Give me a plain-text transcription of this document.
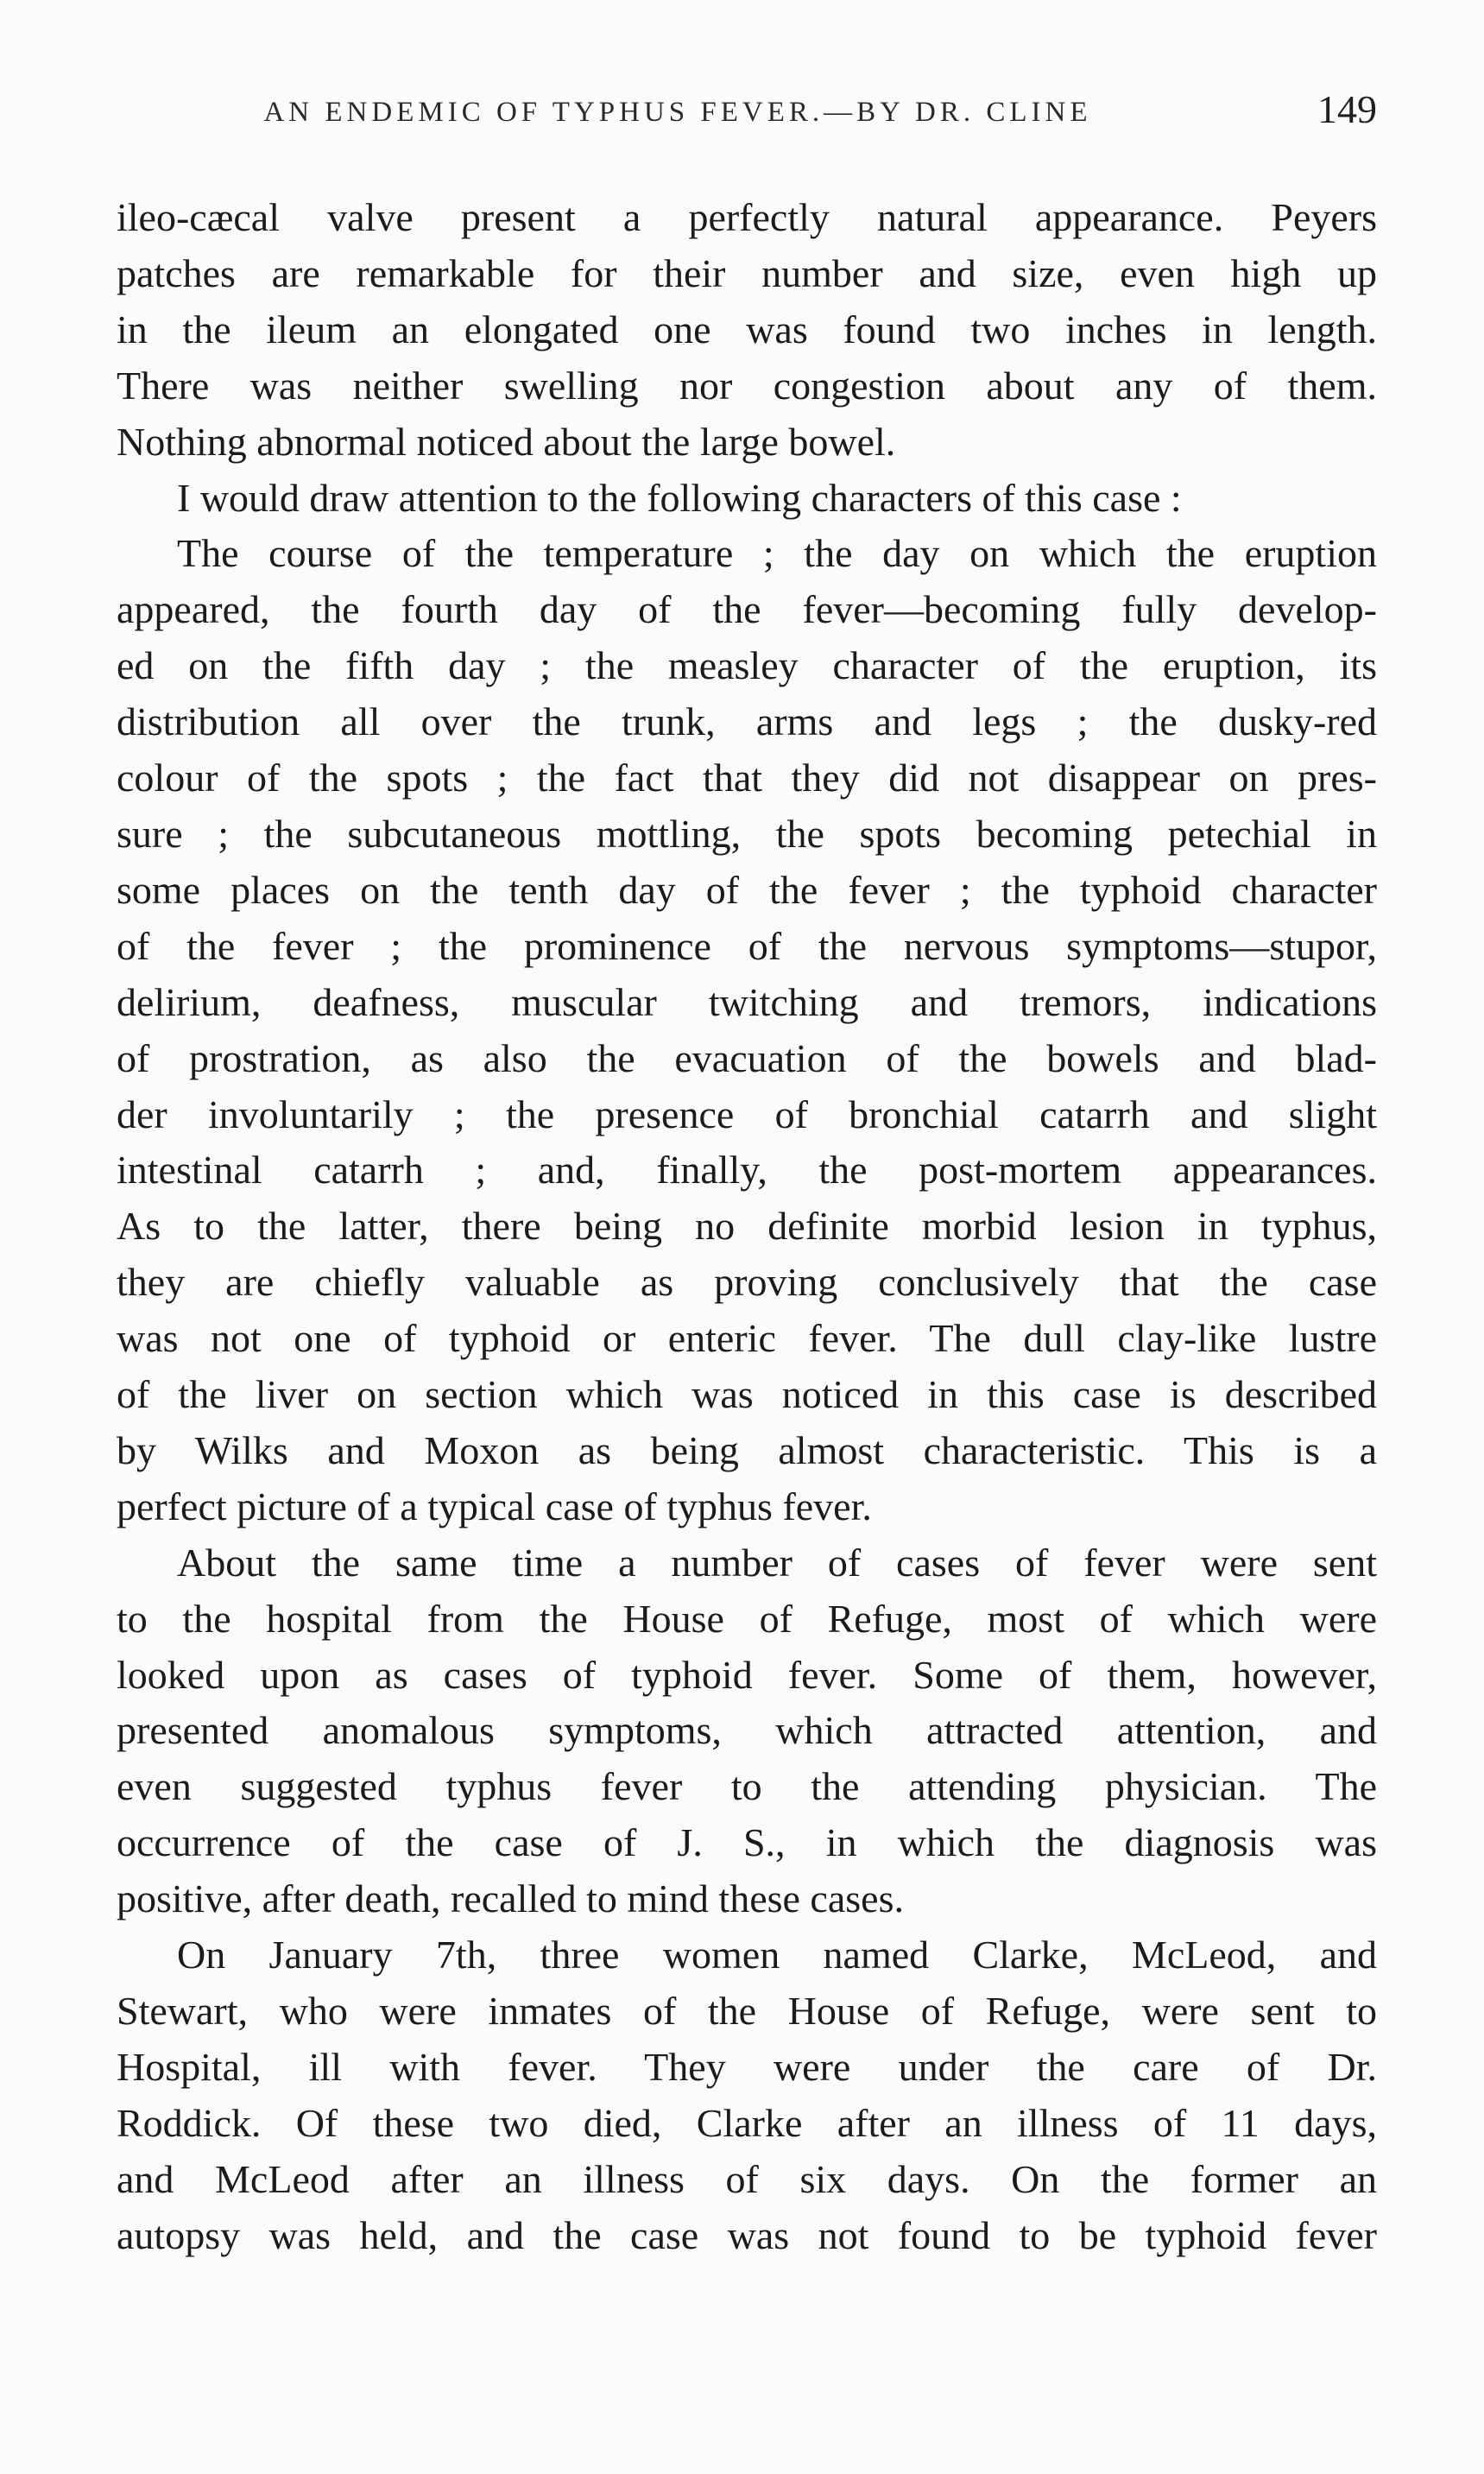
AN ENDEMIC OF TYPHUS FEVER.—BY DR. CLINE	149

ileo-cæcal valve present a perfectly natural appearance. Peyers
patches are remarkable for their number and size, even high up
in the ileum an elongated one was found two inches in length.
There was neither swelling nor congestion about any of them.
Nothing abnormal noticed about the large bowel.

I would draw attention to the following characters of this case :

The course of the temperature ; the day on which the eruption
appeared, the fourth day of the fever—becoming fully develop-
ed on the fifth day ; the measley character of the eruption, its
distribution all over the trunk, arms and legs ; the dusky-red
colour of the spots ; the fact that they did not disappear on pres-
sure ; the subcutaneous mottling, the spots becoming petechial in
some places on the tenth day of the fever ; the typhoid character
of the fever ; the prominence of the nervous symptoms—stupor,
delirium, deafness, muscular twitching and tremors, indications
of prostration, as also the evacuation of the bowels and blad-
der involuntarily ; the presence of bronchial catarrh and slight
intestinal catarrh ; and, finally, the post-mortem appearances.
As to the latter, there being no definite morbid lesion in typhus,
they are chiefly valuable as proving conclusively that the case
was not one of typhoid or enteric fever. The dull clay-like lustre
of the liver on section which was noticed in this case is described
by Wilks and Moxon as being almost characteristic. This is a
perfect picture of a typical case of typhus fever.

About the same time a number of cases of fever were sent
to the hospital from the House of Refuge, most of which were
looked upon as cases of typhoid fever. Some of them, however,
presented anomalous symptoms, which attracted attention, and
even suggested typhus fever to the attending physician. The
occurrence of the case of J. S., in which the diagnosis was
positive, after death, recalled to mind these cases.

On January 7th, three women named Clarke, McLeod, and
Stewart, who were inmates of the House of Refuge, were sent to
Hospital, ill with fever. They were under the care of Dr.
Roddick. Of these two died, Clarke after an illness of 11 days,
and McLeod after an illness of six days. On the former an
autopsy was held, and the case was not found to be typhoid fever
